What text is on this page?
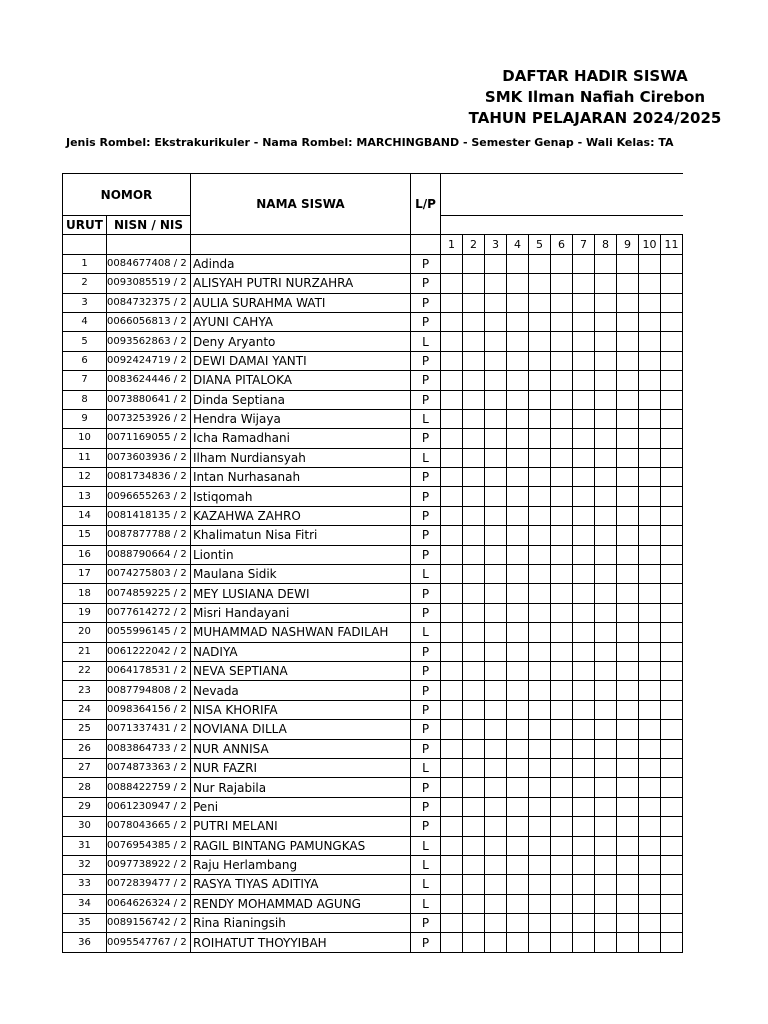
DAFTAR HADIR SISWA
SMK Ilman Nafiah Cirebon
TAHUN PELAJARAN 2024/2025
Jenis Rombel: Ekstrakurikuler - Nama Rombel: MARCHINGBAND - Semester Genap - Wali Kelas: TA
NOMOR		NAMA SISWA	L/P											
URUT	NISN / NIS													
				1	2	3	4	5	6	7	8	9	10	11
1	0084677408 / 2	Adinda	P											
2	0093085519 / 2	ALISYAH PUTRI NURZAHRA	P											
3	0084732375 / 2	AULIA SURAHMA WATI	P											
4	0066056813 / 2	AYUNI CAHYA	P											
5	0093562863 / 2	Deny Aryanto	L											
6	0092424719 / 2	DEWI DAMAI YANTI	P											
7	0083624446 / 2	DIANA PITALOKA	P											
8	0073880641 / 2	Dinda Septiana	P											
9	0073253926 / 2	Hendra Wijaya	L											
10	0071169055 / 2	Icha Ramadhani	P											
11	0073603936 / 2	Ilham Nurdiansyah	L											
12	0081734836 / 2	Intan Nurhasanah	P											
13	0096655263 / 2	Istiqomah	P											
14	0081418135 / 2	KAZAHWA ZAHRO	P											
15	0087877788 / 2	Khalimatun Nisa Fitri	P											
16	0088790664 / 2	Liontin	P											
17	0074275803 / 2	Maulana Sidik	L											
18	0074859225 / 2	MEY LUSIANA DEWI	P											
19	0077614272 / 2	Misri Handayani	P											
20	0055996145 / 2	MUHAMMAD NASHWAN FADILAH	L											
21	0061222042 / 2	NADIYA	P											
22	0064178531 / 2	NEVA SEPTIANA	P											
23	0087794808 / 2	Nevada	P											
24	0098364156 / 2	NISA KHORIFA	P											
25	0071337431 / 2	NOVIANA DILLA	P											
26	0083864733 / 2	NUR ANNISA	P											
27	0074873363 / 2	NUR FAZRI	L											
28	0088422759 / 2	Nur Rajabila	P											
29	0061230947 / 2	Peni	P											
30	0078043665 / 2	PUTRI MELANI	P											
31	0076954385 / 2	RAGIL BINTANG PAMUNGKAS	L											
32	0097738922 / 2	Raju Herlambang	L											
33	0072839477 / 2	RASYA TIYAS ADITIYA	L											
34	0064626324 / 2	RENDY MOHAMMAD AGUNG	L											
35	0089156742 / 2	Rina Rianingsih	P											
36	0095547767 / 2	ROIHATUT THOYYIBAH	P											
